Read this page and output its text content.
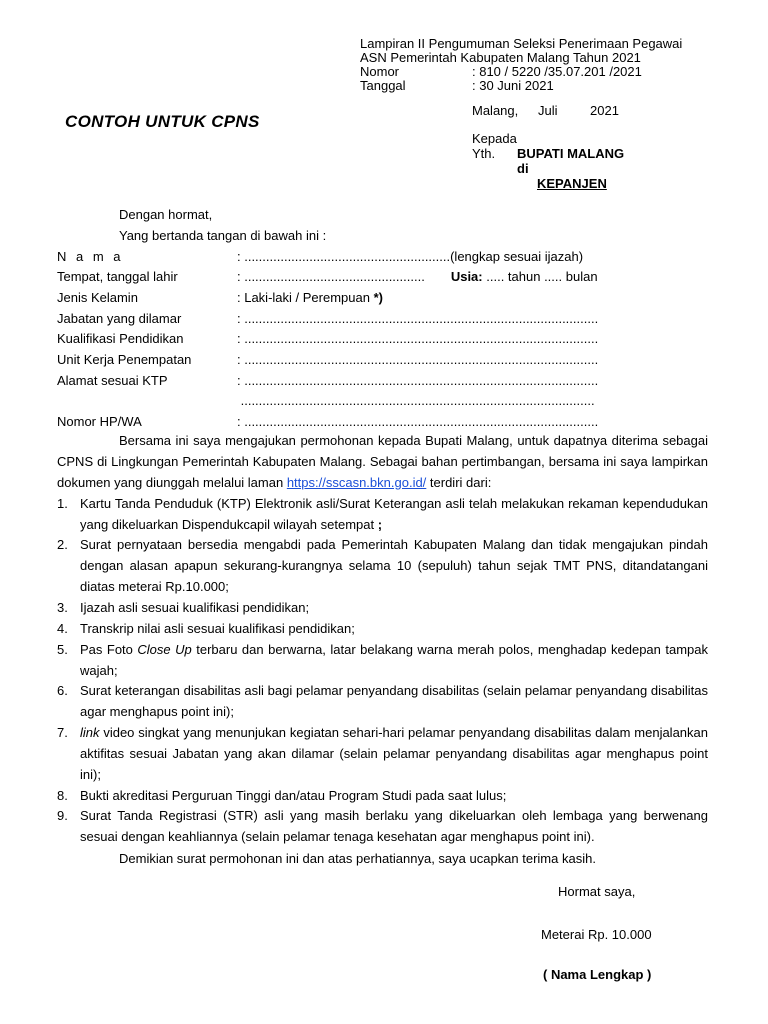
Lampiran II Pengumuman Seleksi Penerimaan Pegawai
ASN Pemerintah Kabupaten Malang Tahun 2021
Nomor	: 810 / 5220 /35.07.201 /2021
Tanggal	: 30 Juni 2021
CONTOH UNTUK CPNS
Malang, Juli 2021
Kepada
Yth. BUPATI MALANG
di
KEPANJEN
Dengan hormat,
Yang bertanda tangan di bawah ini :
N a m a	: .........................................................(lengkap sesuai ijazah)
Tempat, tanggal lahir	: .................................................. Usia: ..... tahun ..... bulan
Jenis Kelamin	: Laki-laki / Perempuan *)
Jabatan yang dilamar	: ..................................................................................................
Kualifikasi Pendidikan	: ..................................................................................................
Unit Kerja Penempatan	: ..................................................................................................
Alamat sesuai KTP	: ..................................................................................................
..................................................................................................
Nomor HP/WA	: ..................................................................................................
Bersama ini saya mengajukan permohonan kepada Bupati Malang, untuk dapatnya diterima sebagai CPNS di Lingkungan Pemerintah Kabupaten Malang. Sebagai bahan pertimbangan, bersama ini saya lampirkan dokumen yang diunggah melalui laman https://sscasn.bkn.go.id/ terdiri dari:
1. Kartu Tanda Penduduk (KTP) Elektronik asli/Surat Keterangan asli telah melakukan rekaman kependudukan yang dikeluarkan Dispendukcapil wilayah setempat ;
2. Surat pernyataan bersedia mengabdi pada Pemerintah Kabupaten Malang dan tidak mengajukan pindah dengan alasan apapun sekurang-kurangnya selama 10 (sepuluh) tahun sejak TMT PNS, ditandatangani diatas meterai Rp.10.000;
3. Ijazah asli sesuai kualifikasi pendidikan;
4. Transkrip nilai asli sesuai kualifikasi pendidikan;
5. Pas Foto Close Up terbaru dan berwarna, latar belakang warna merah polos, menghadap kedepan tampak wajah;
6. Surat keterangan disabilitas asli bagi pelamar penyandang disabilitas (selain pelamar penyandang disabilitas agar menghapus point ini);
7. link video singkat yang menunjukan kegiatan sehari-hari pelamar penyandang disabilitas dalam menjalankan aktifitas sesuai Jabatan yang akan dilamar (selain pelamar penyandang disabilitas agar menghapus point ini);
8. Bukti akreditasi Perguruan Tinggi dan/atau Program Studi pada saat lulus;
9. Surat Tanda Registrasi (STR) asli yang masih berlaku yang dikeluarkan oleh lembaga yang berwenang sesuai dengan keahliannya (selain pelamar tenaga kesehatan agar menghapus point ini).
Demikian surat permohonan ini dan atas perhatiannya, saya ucapkan terima kasih.
Hormat saya,
Meterai Rp. 10.000
( Nama Lengkap )
